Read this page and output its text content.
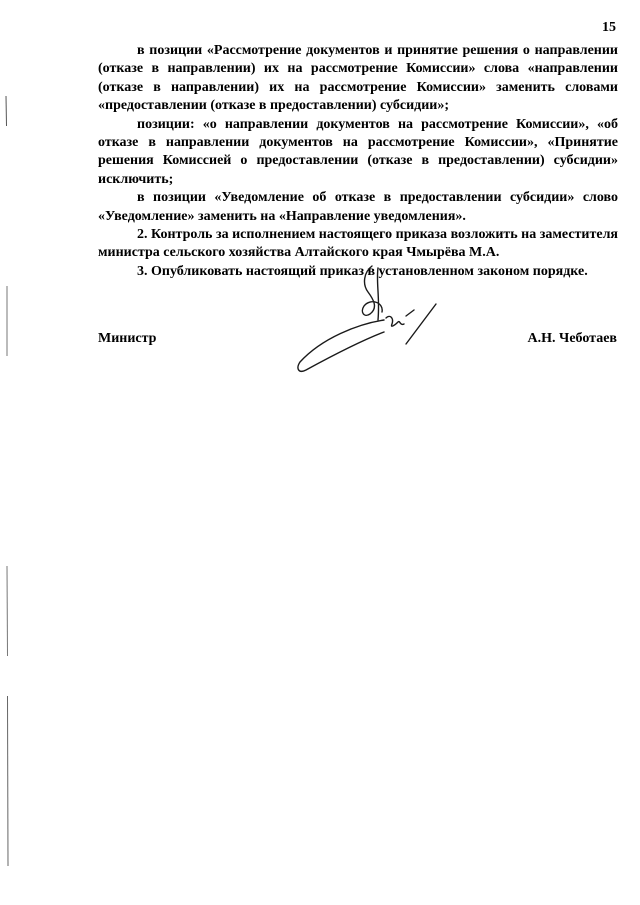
15

в позиции «Рассмотрение документов и принятие решения о направлении (отказе в направлении) их на рассмотрение Комиссии» слова «направлении (отказе в направлении) их на рассмотрение Комиссии» заменить словами «предоставлении (отказе в предоставлении) субсидии»;

позиции: «о направлении документов на рассмотрение Комиссии», «об отказе в направлении документов на рассмотрение Комиссии», «Принятие решения Комиссией о предоставлении (отказе в предоставлении) субсидии» исключить;

в позиции «Уведомление об отказе в предоставлении субсидии» слово «Уведомление» заменить на «Направление уведомления».

2. Контроль за исполнением настоящего приказа возложить на заместителя министра сельского хозяйства Алтайского края Чмырёва М.А.

3. Опубликовать настоящий приказ в установленном законом порядке.

Министр	А.Н. Чеботаев
